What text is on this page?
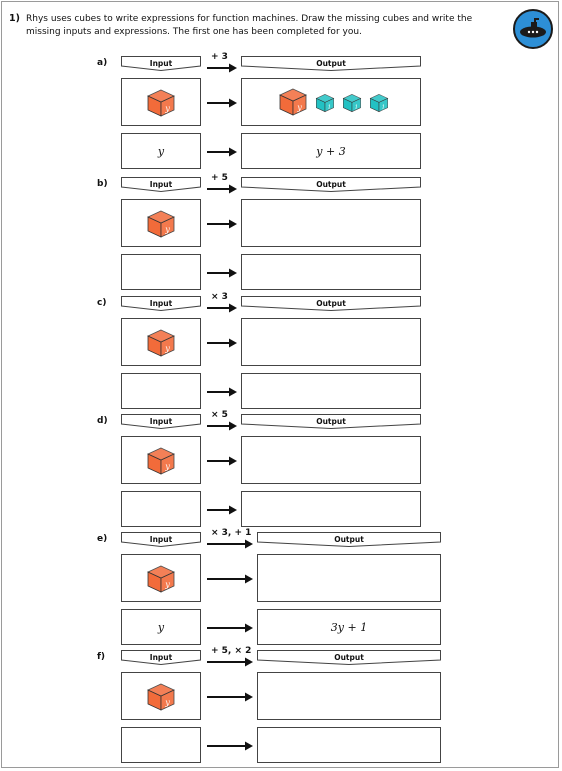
1) Rhys uses cubes to write expressions for function machines. Draw the missing cubes and write the missing inputs and expressions. The first one has been completed for you.
a)	Input	Output
+ 3
y	y	1	1	1
y	y + 3
b)	Input	Output
+ 5
y
c)	Input	Output
× 3
y
d)	Input	Output
× 5
y
e)	Input	Output
× 3, + 1
y
y	3y + 1
f)	Input	Output
+ 5, × 2
y
